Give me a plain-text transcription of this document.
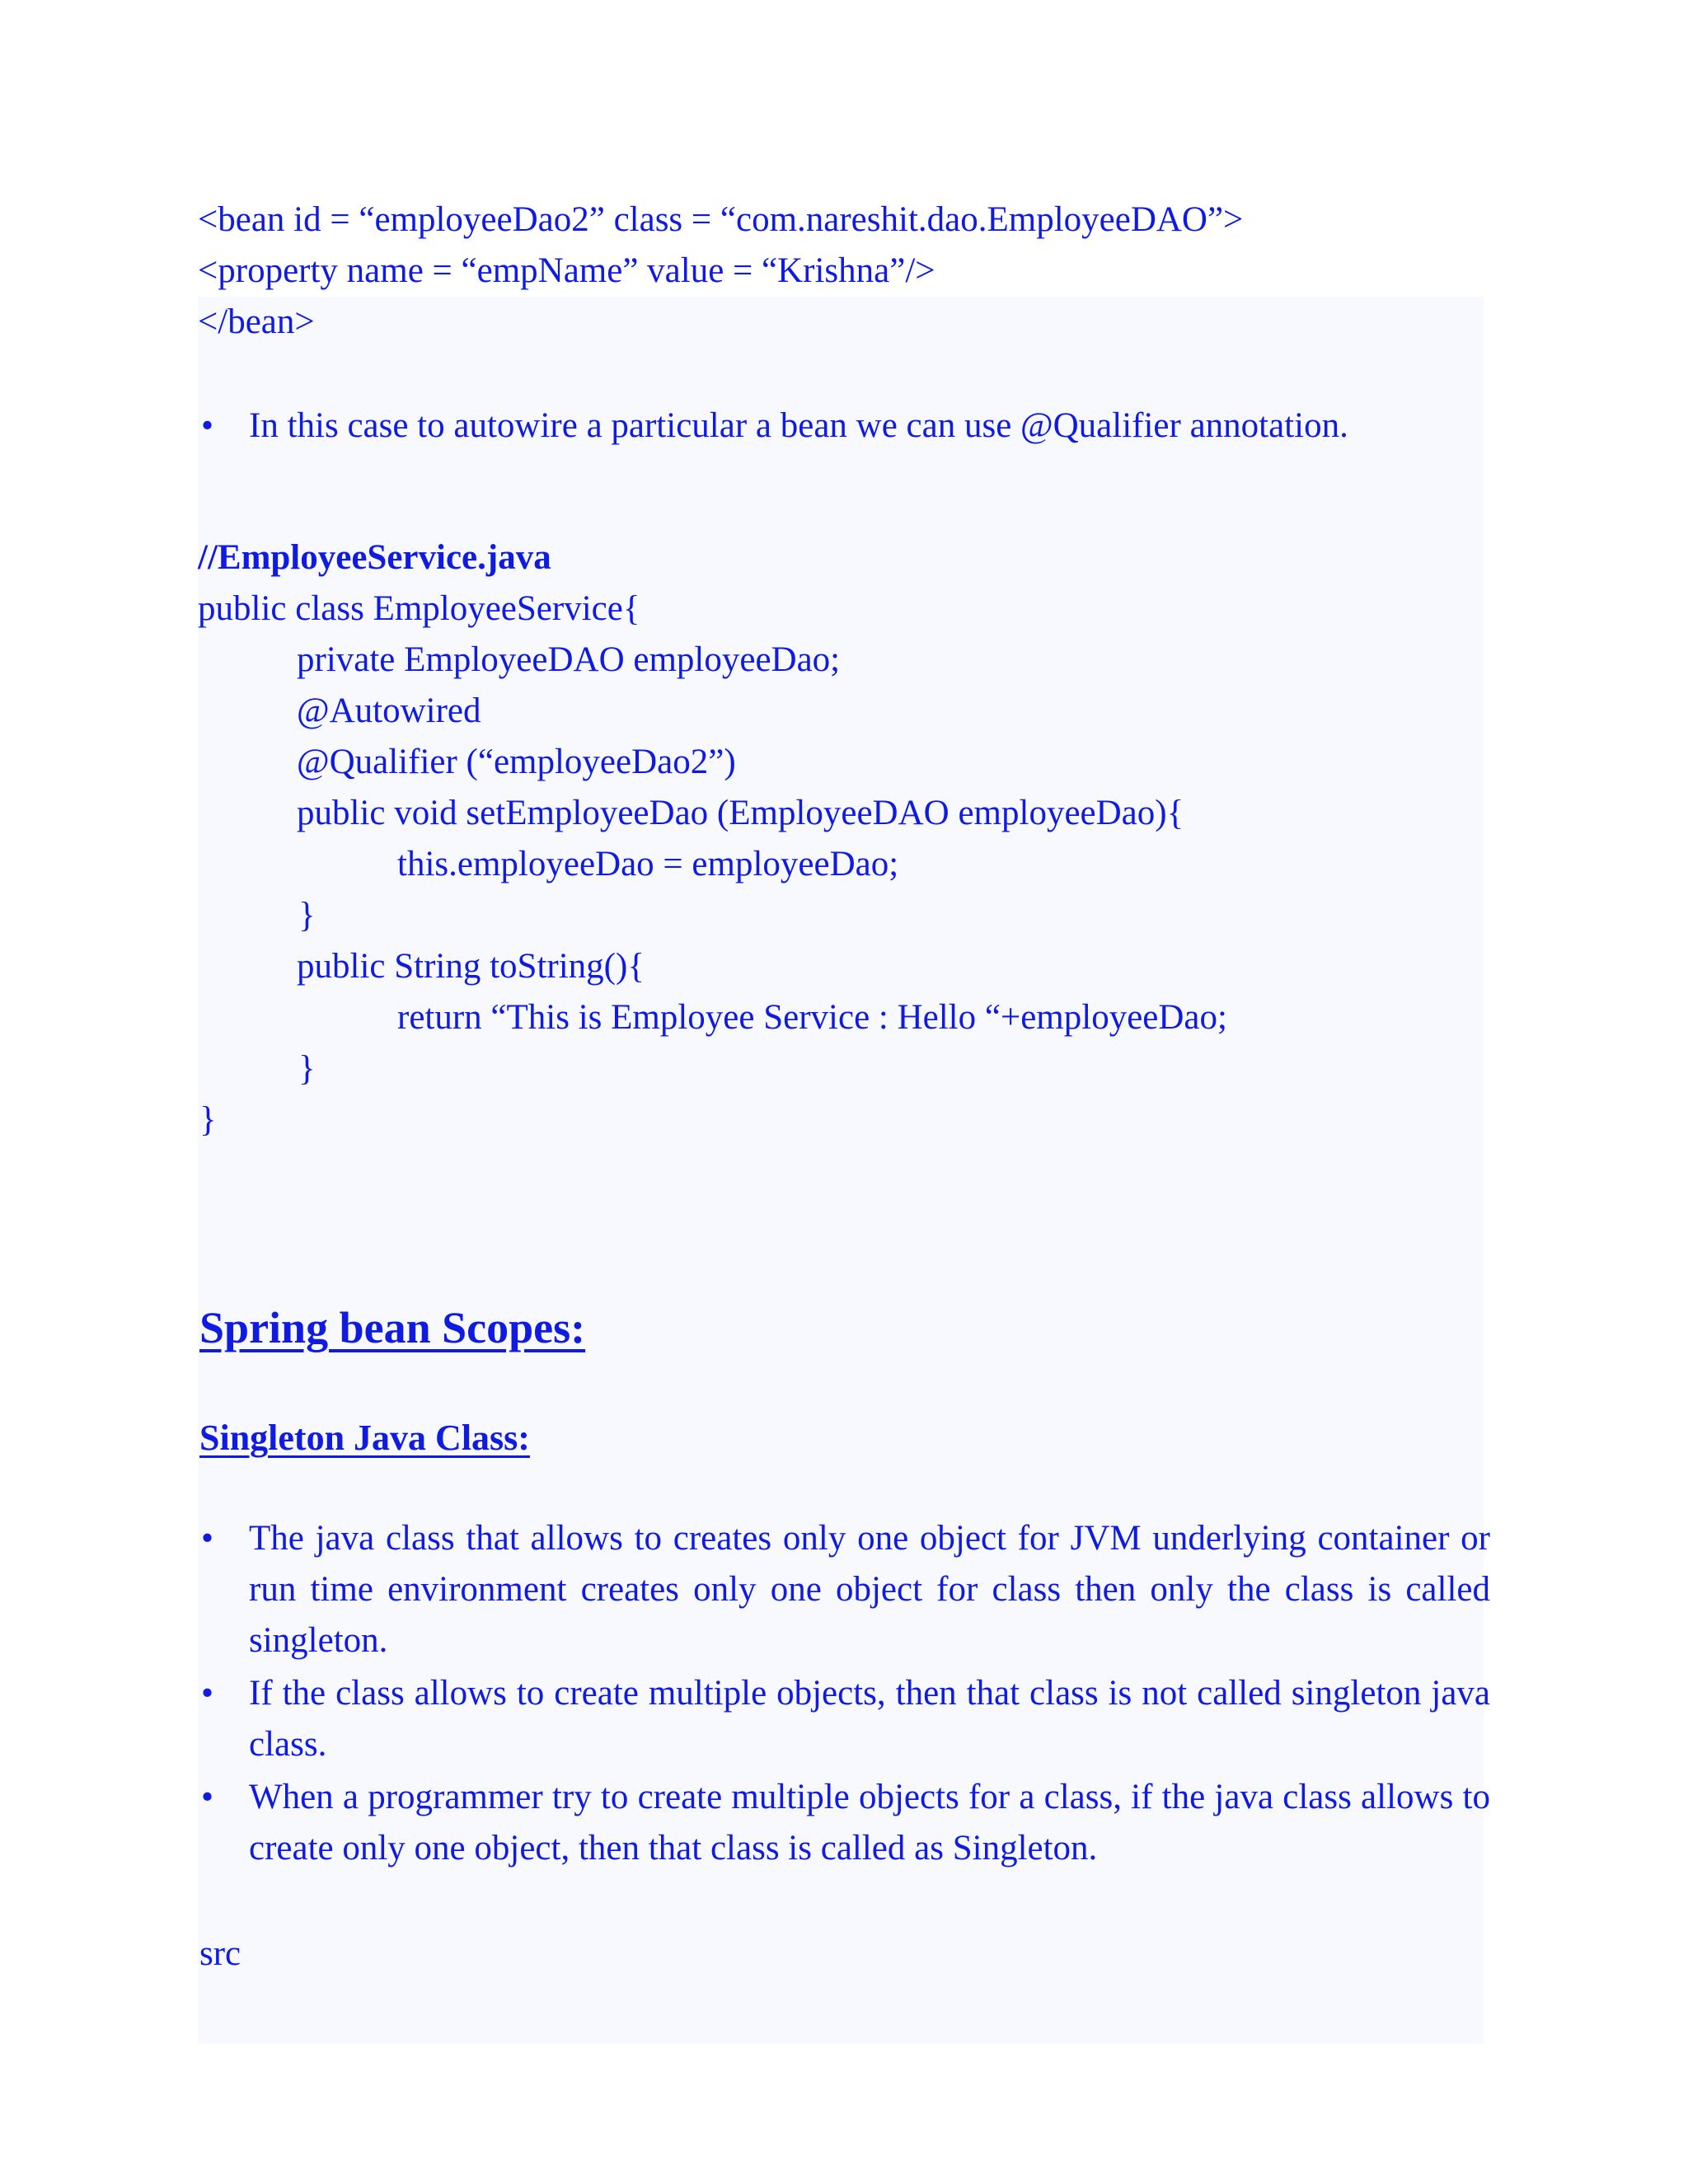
<bean id = “employeeDao2” class = “com.nareshit.dao.EmployeeDAO”>
<property name = “empName” value = “Krishna”/>
</bean>
• In this case to autowire a particular a bean we can use @Qualifier annotation.
//EmployeeService.java
public class EmployeeService{
private EmployeeDAO employeeDao;
@Autowired
@Qualifier (“employeeDao2”)
public void setEmployeeDao (EmployeeDAO employeeDao){
this.employeeDao = employeeDao;
}
public String toString(){
return “This is Employee Service : Hello “+employeeDao;
}
}
Spring bean Scopes:
Singleton Java Class:
• The java class that allows to creates only one object for JVM underlying container or run time environment creates only one object for class then only the class is called singleton.
• If the class allows to create multiple objects, then that class is not called singleton java class.
• When a programmer try to create multiple objects for a class, if the java class allows to create only one object, then that class is called as Singleton.
src
